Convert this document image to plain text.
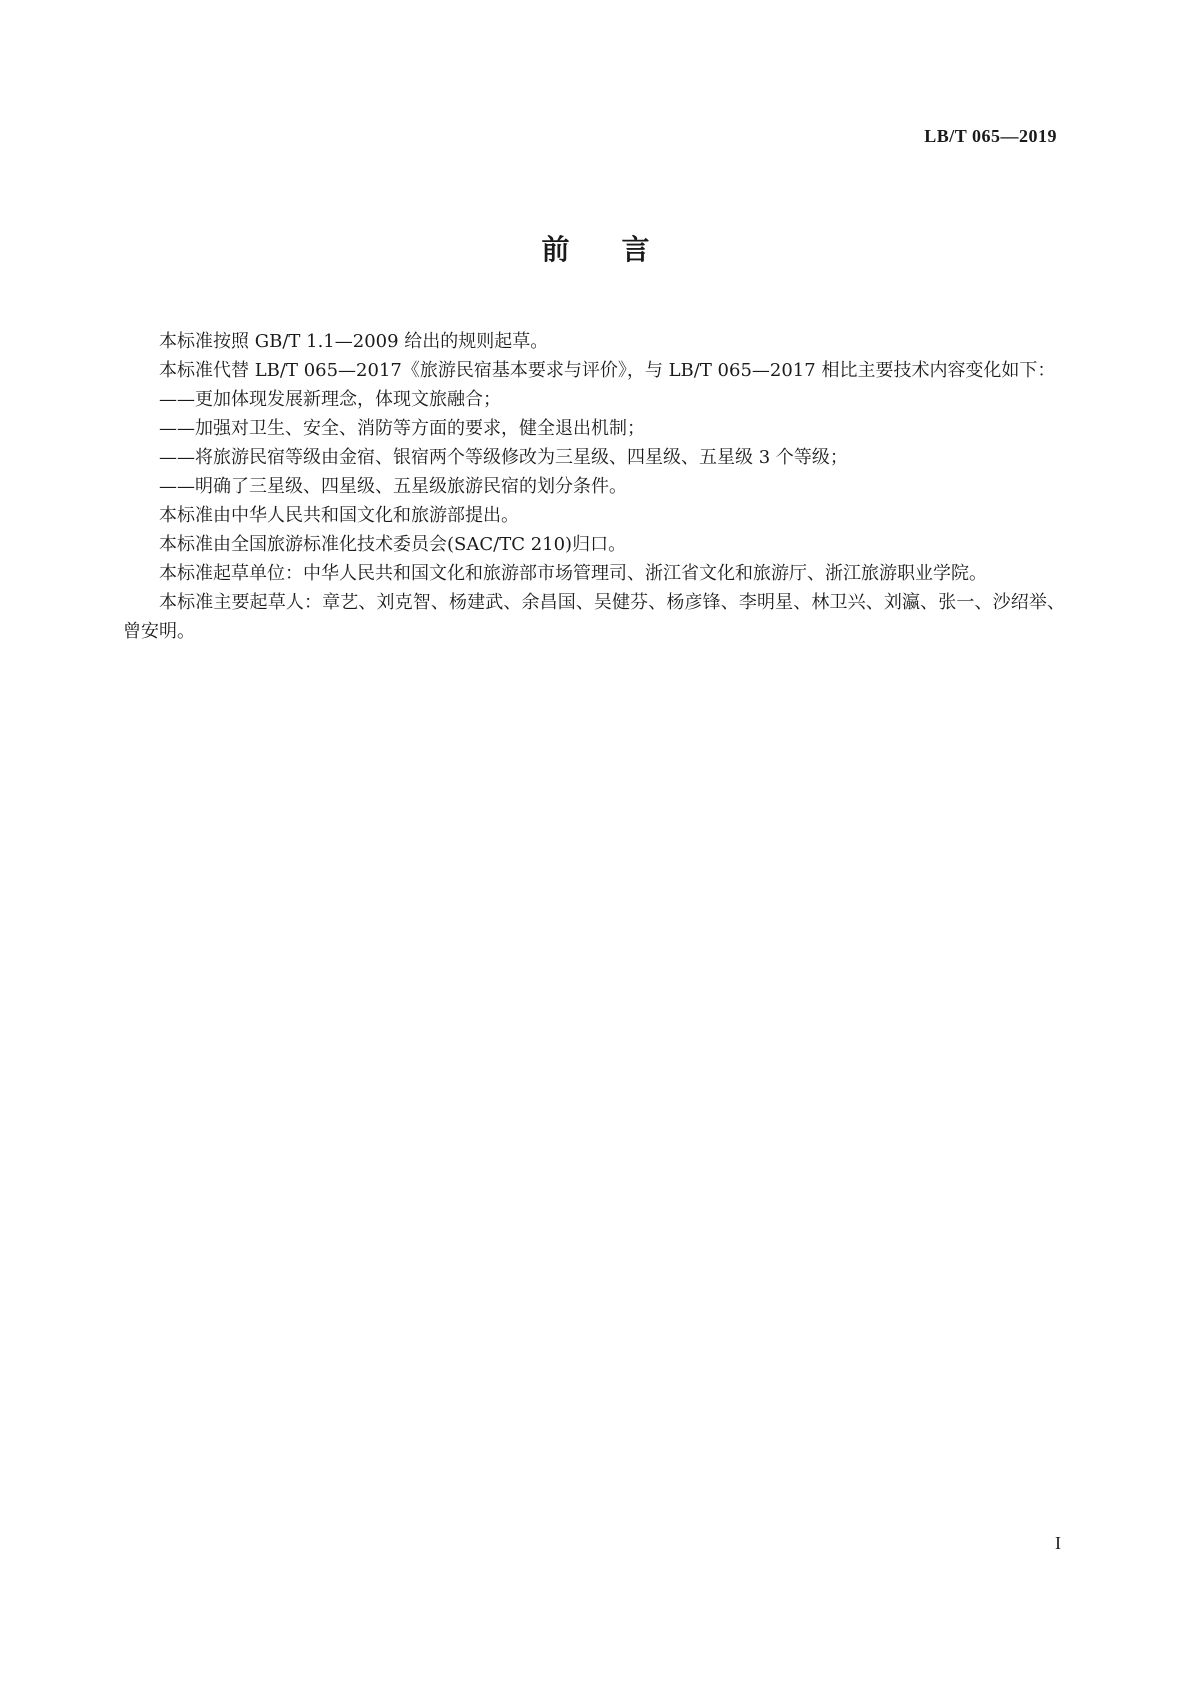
LB/T 065—2019
前言

本标准按照 GB/T 1.1—2009 给出的规则起草。

本标准代替 LB/T 065—2017《旅游民宿基本要求与评价》，与 LB/T 065—2017 相比主要技术内容变化如下：

——更加体现发展新理念，体现文旅融合；

——加强对卫生、安全、消防等方面的要求，健全退出机制；

——将旅游民宿等级由金宿、银宿两个等级修改为三星级、四星级、五星级 3 个等级；

——明确了三星级、四星级、五星级旅游民宿的划分条件。

本标准由中华人民共和国文化和旅游部提出。

本标准由全国旅游标准化技术委员会(SAC/TC 210)归口。

本标准起草单位：中华人民共和国文化和旅游部市场管理司、浙江省文化和旅游厅、浙江旅游职业学院。

本标准主要起草人：章艺、刘克智、杨建武、余昌国、吴健芬、杨彦锋、李明星、林卫兴、刘瀛、张一、沙绍举、曾安明。

I
